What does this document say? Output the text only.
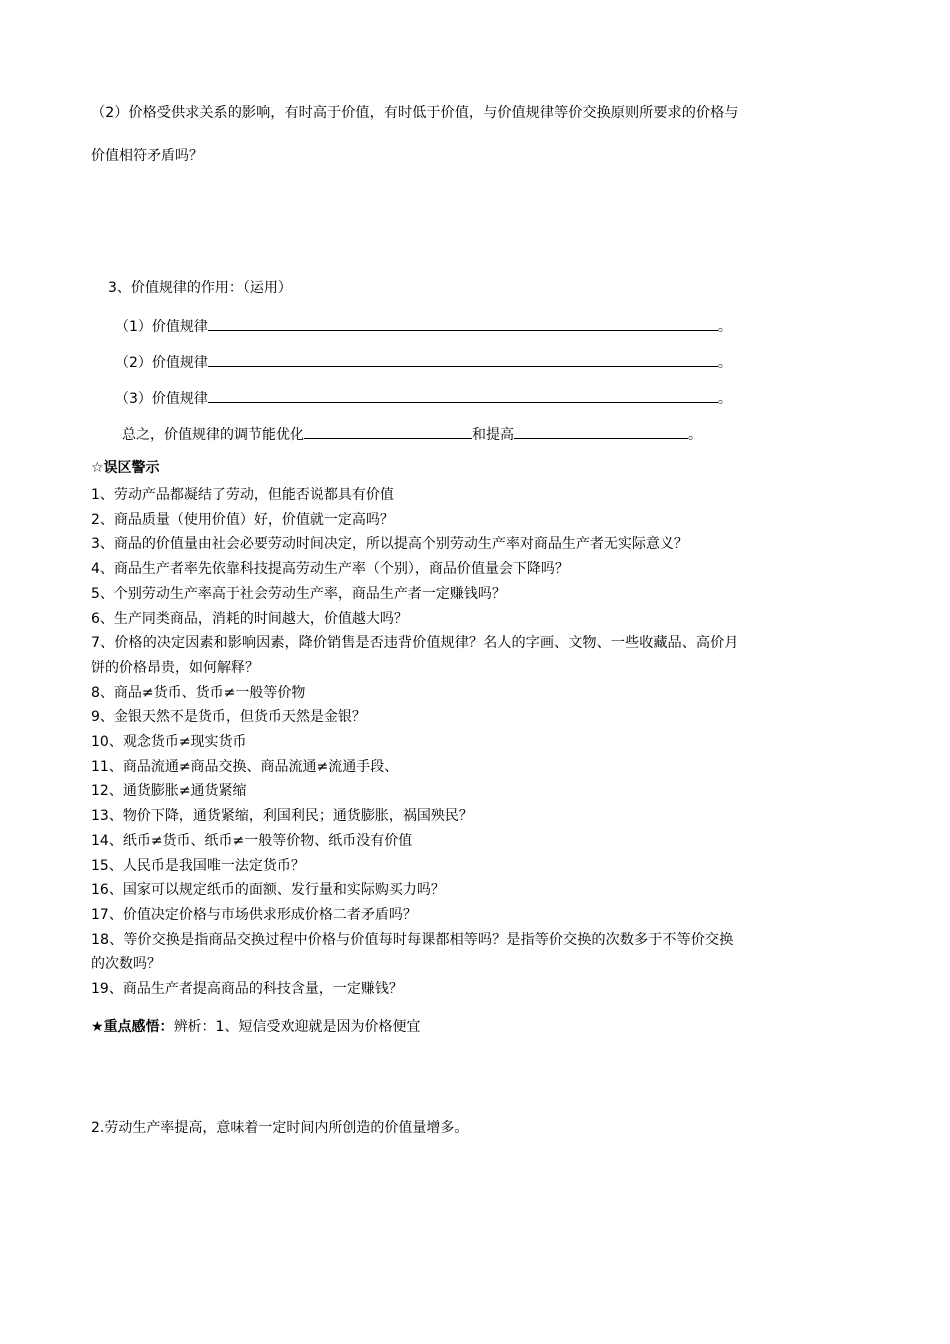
（2）价格受供求关系的影响，有时高于价值，有时低于价值，与价值规律等价交换原则所要求的价格与
价值相符矛盾吗？
3、价值规律的作用：（运用）
（1）价值规律	。
（2）价值规律	。
（3）价值规律	。
总之，价值规律的调节能优化	和提高	。
☆误区警示
1、劳动产品都凝结了劳动，但能否说都具有价值
2、商品质量（使用价值）好，价值就一定高吗？
3、商品的价值量由社会必要劳动时间决定，所以提高个别劳动生产率对商品生产者无实际意义？
4、商品生产者率先依靠科技提高劳动生产率（个别），商品价值量会下降吗？
5、个别劳动生产率高于社会劳动生产率，商品生产者一定赚钱吗？
6、生产同类商品，消耗的时间越大，价值越大吗？
7、价格的决定因素和影响因素，降价销售是否违背价值规律？名人的字画、文物、一些收藏品、高价月
饼的价格昂贵，如何解释？
8、商品≠货币、货币≠一般等价物
9、金银天然不是货币，但货币天然是金银？
10、观念货币≠现实货币
11、商品流通≠商品交换、商品流通≠流通手段、
12、通货膨胀≠通货紧缩
13、物价下降，通货紧缩，利国利民；通货膨胀，祸国殃民？
14、纸币≠货币、纸币≠一般等价物、纸币没有价值
15、人民币是我国唯一法定货币？
16、国家可以规定纸币的面额、发行量和实际购买力吗？
17、价值决定价格与市场供求形成价格二者矛盾吗？
18、等价交换是指商品交换过程中价格与价值每时每课都相等吗？是指等价交换的次数多于不等价交换
的次数吗？
19、商品生产者提高商品的科技含量，一定赚钱？
★重点感悟：辨析：1、短信受欢迎就是因为价格便宜
2.劳动生产率提高，意味着一定时间内所创造的价值量增多。
